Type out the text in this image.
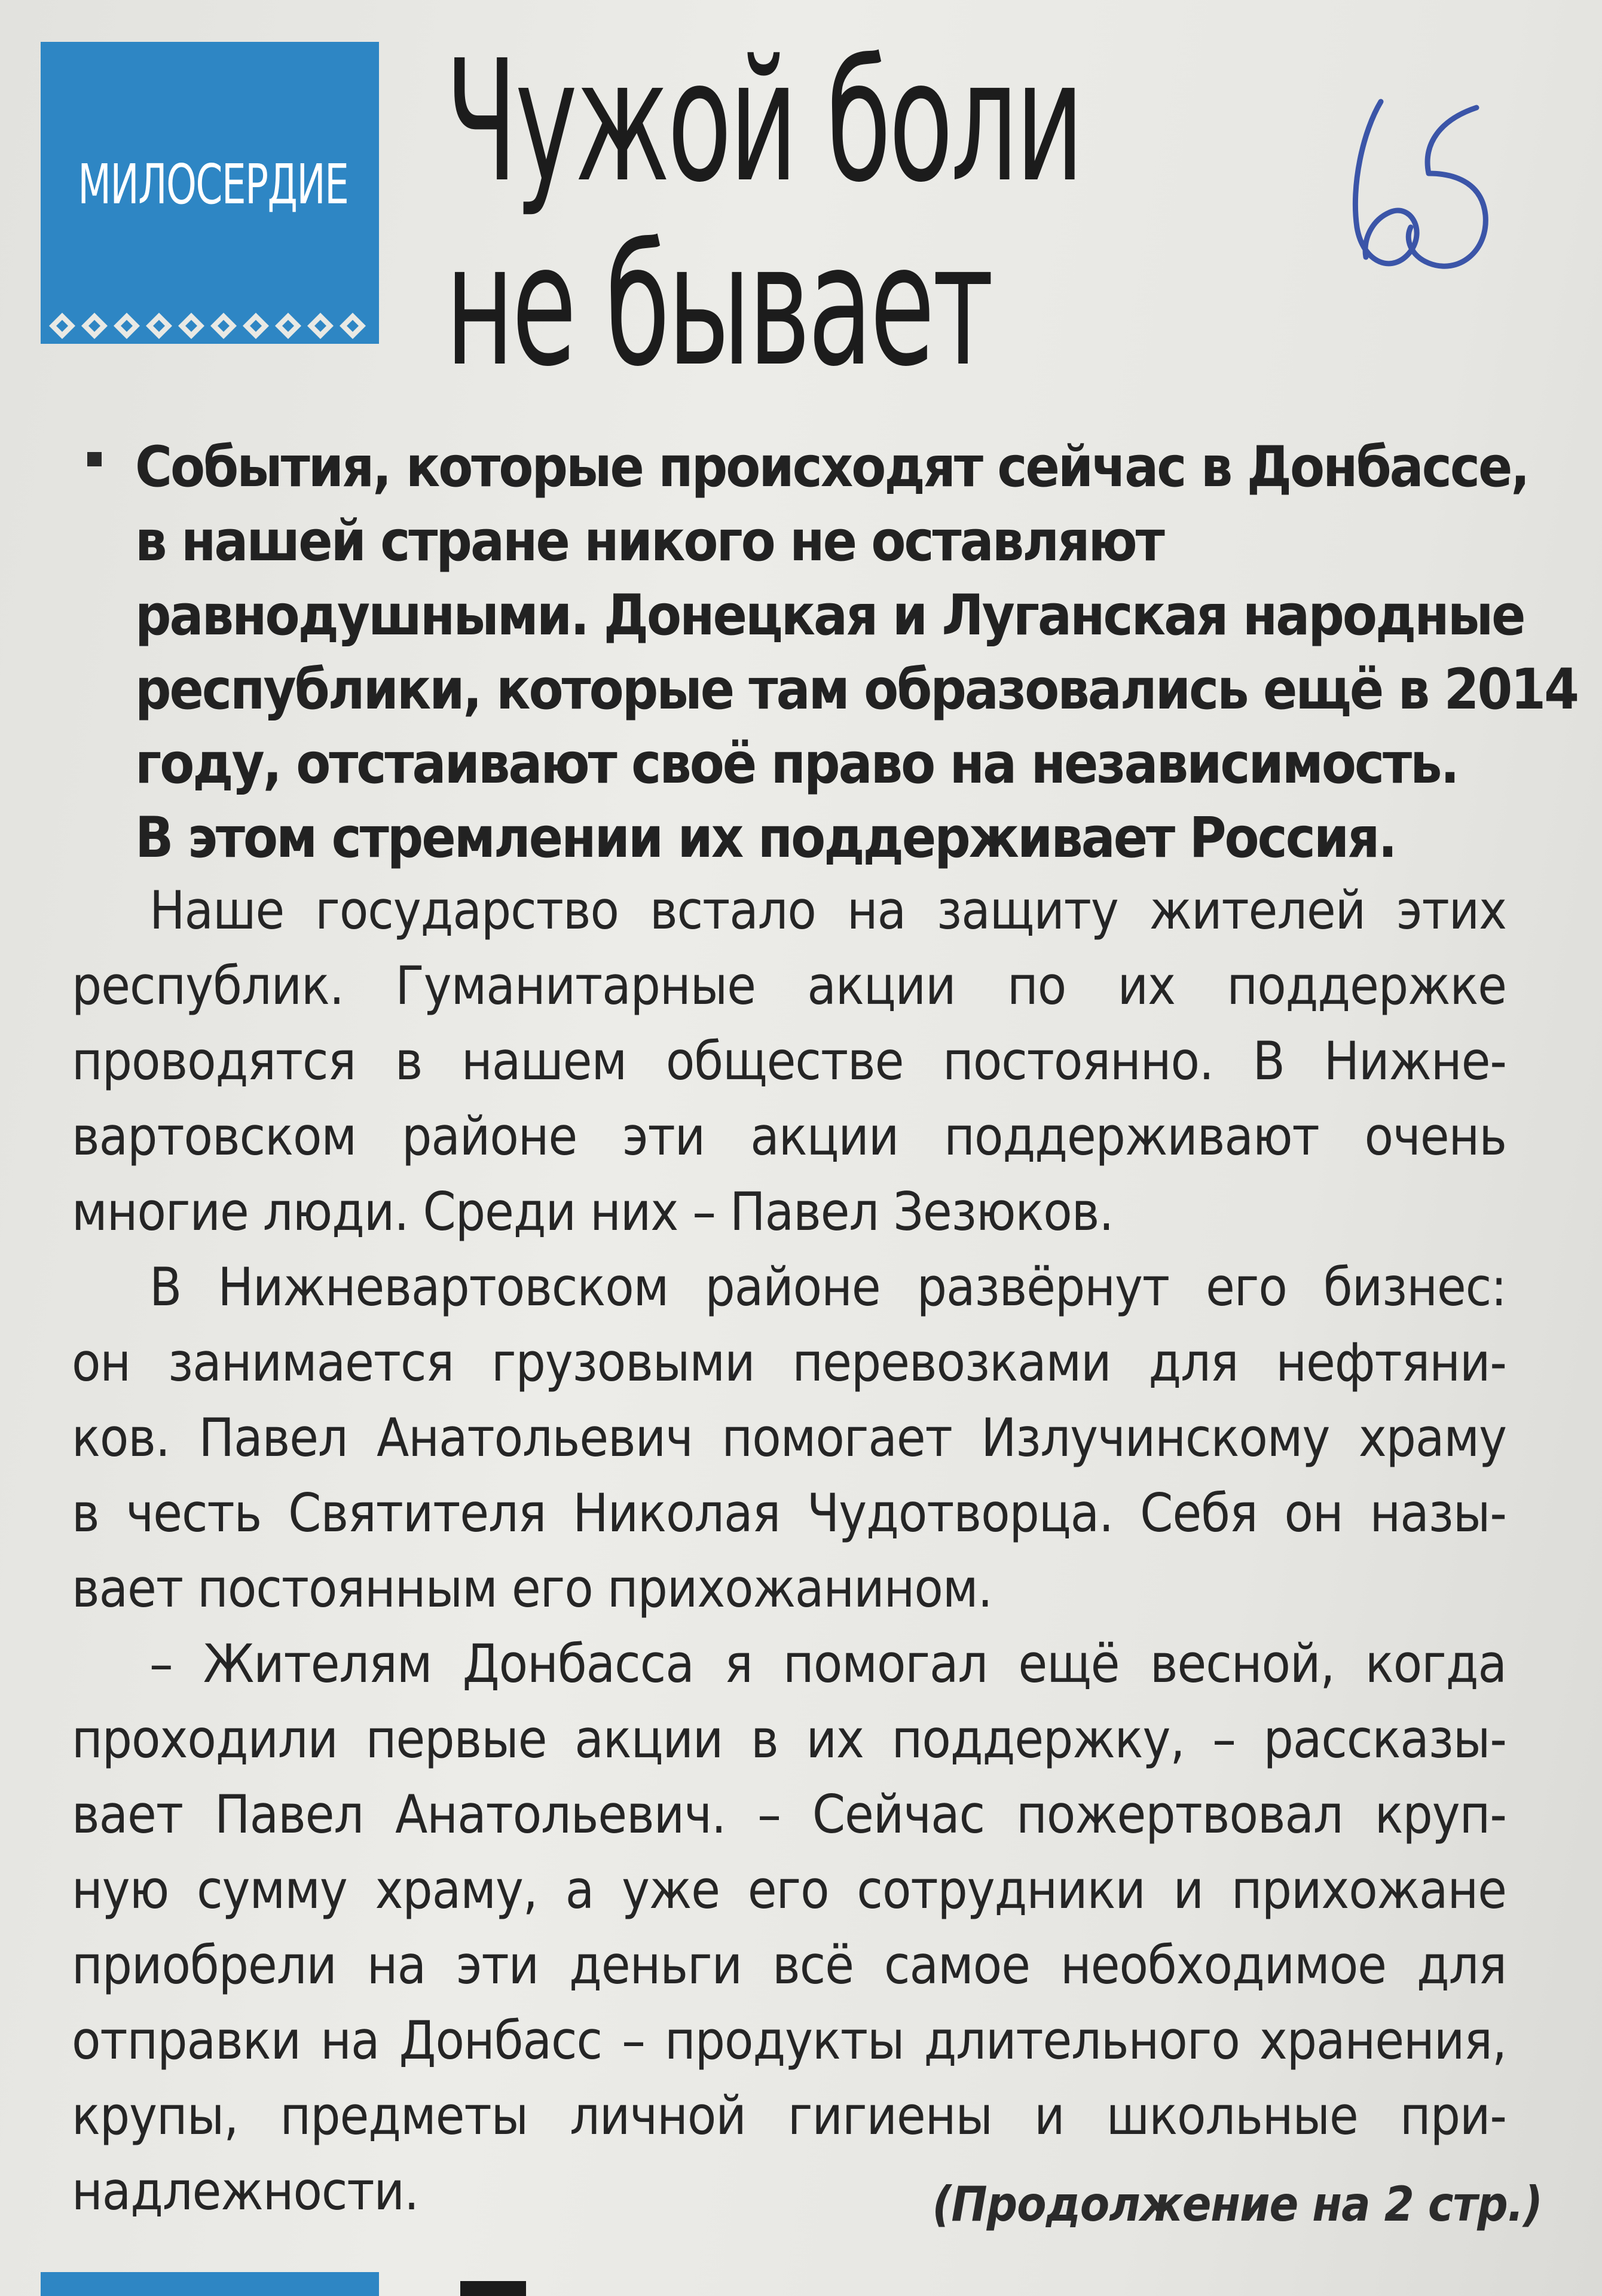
МИЛОСЕРДИЕ Чужой боли
не бывает
События, которые происходят сейчас в Донбассе,
в нашей стране никого не оставляют
равнодушными. Донецкая и Луганская народные
республики, которые там образовались ещё в 2014
году, отстаивают своё право на независимость.
В этом стремлении их поддерживает Россия.
Наше государство встало на защиту жителей этих
республик. Гуманитарные акции по их поддержке
проводятся в нашем обществе постоянно. В Нижне-
вартовском районе эти акции поддерживают очень
многие люди. Среди них – Павел Зезюков.
В Нижневартовском районе развёрнут его бизнес:
он занимается грузовыми перевозками для нефтяни-
ков. Павел Анатольевич помогает Излучинскому храму
в честь Святителя Николая Чудотворца. Себя он назы-
вает постоянным его прихожанином.
– Жителям Донбасса я помогал ещё весной, когда
проходили первые акции в их поддержку, – рассказы-
вает Павел Анатольевич. – Сейчас пожертвовал круп-
ную сумму храму, а уже его сотрудники и прихожане
приобрели на эти деньги всё самое необходимое для
отправки на Донбасс – продукты длительного хранения,
крупы, предметы личной гигиены и школьные при-
надлежности.	(Продолжение на 2 стр.)
